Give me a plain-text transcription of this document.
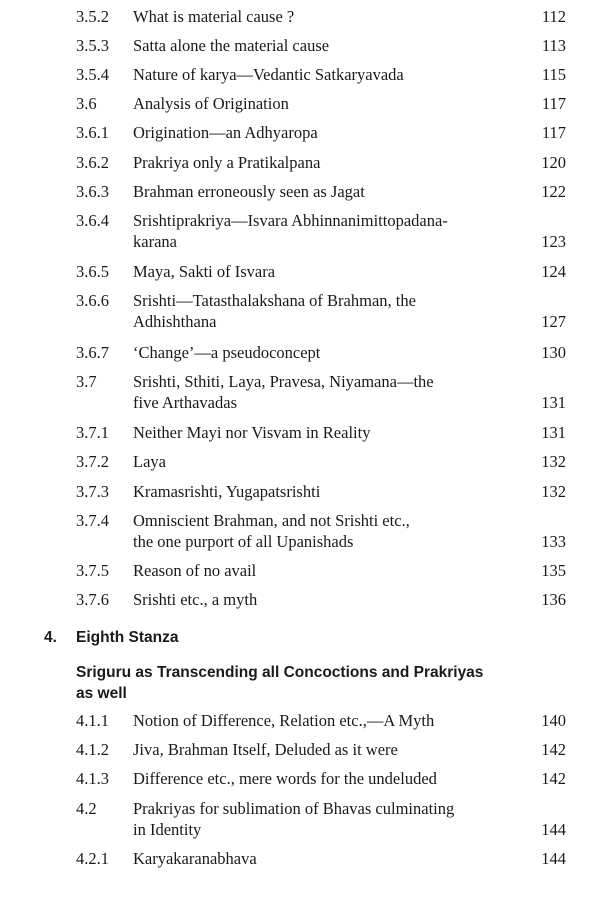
3.5.2	What is material cause ?	112
3.5.3	Satta alone the material cause	113
3.5.4	Nature of karya—Vedantic Satkaryavada	115
3.6	Analysis of Origination	117
3.6.1	Origination—an Adhyaropa	117
3.6.2	Prakriya only a Pratikalpana	120
3.6.3	Brahman erroneously seen as Jagat	122
3.6.4	Srishtiprakriya—Isvara Abhinnanimittopadana-
karana	123
3.6.5	Maya, Sakti of Isvara	124
3.6.6	Srishti—Tatasthalakshana of Brahman, the
Adhishthana	127
3.6.7	‘Change’—a pseudoconcept	130
3.7	Srishti, Sthiti, Laya, Pravesa, Niyamana—the
five Arthavadas	131
3.7.1	Neither Mayi nor Visvam in Reality	131
3.7.2	Laya	132
3.7.3	Kramasrishti, Yugapatsrishti	132
3.7.4	Omniscient Brahman, and not Srishti etc.,
the one purport of all Upanishads	133
3.7.5	Reason of no avail	135
3.7.6	Srishti etc., a myth	136
4.	Eighth Stanza
Sriguru as Transcending all Concoctions and Prakriyas
as well
4.1.1	Notion of Difference, Relation etc.,—A Myth	140
4.1.2	Jiva, Brahman Itself, Deluded as it were	142
4.1.3	Difference etc., mere words for the undeluded	142
4.2	Prakriyas for sublimation of Bhavas culminating
in Identity	144
4.2.1	Karyakaranabhava	144
